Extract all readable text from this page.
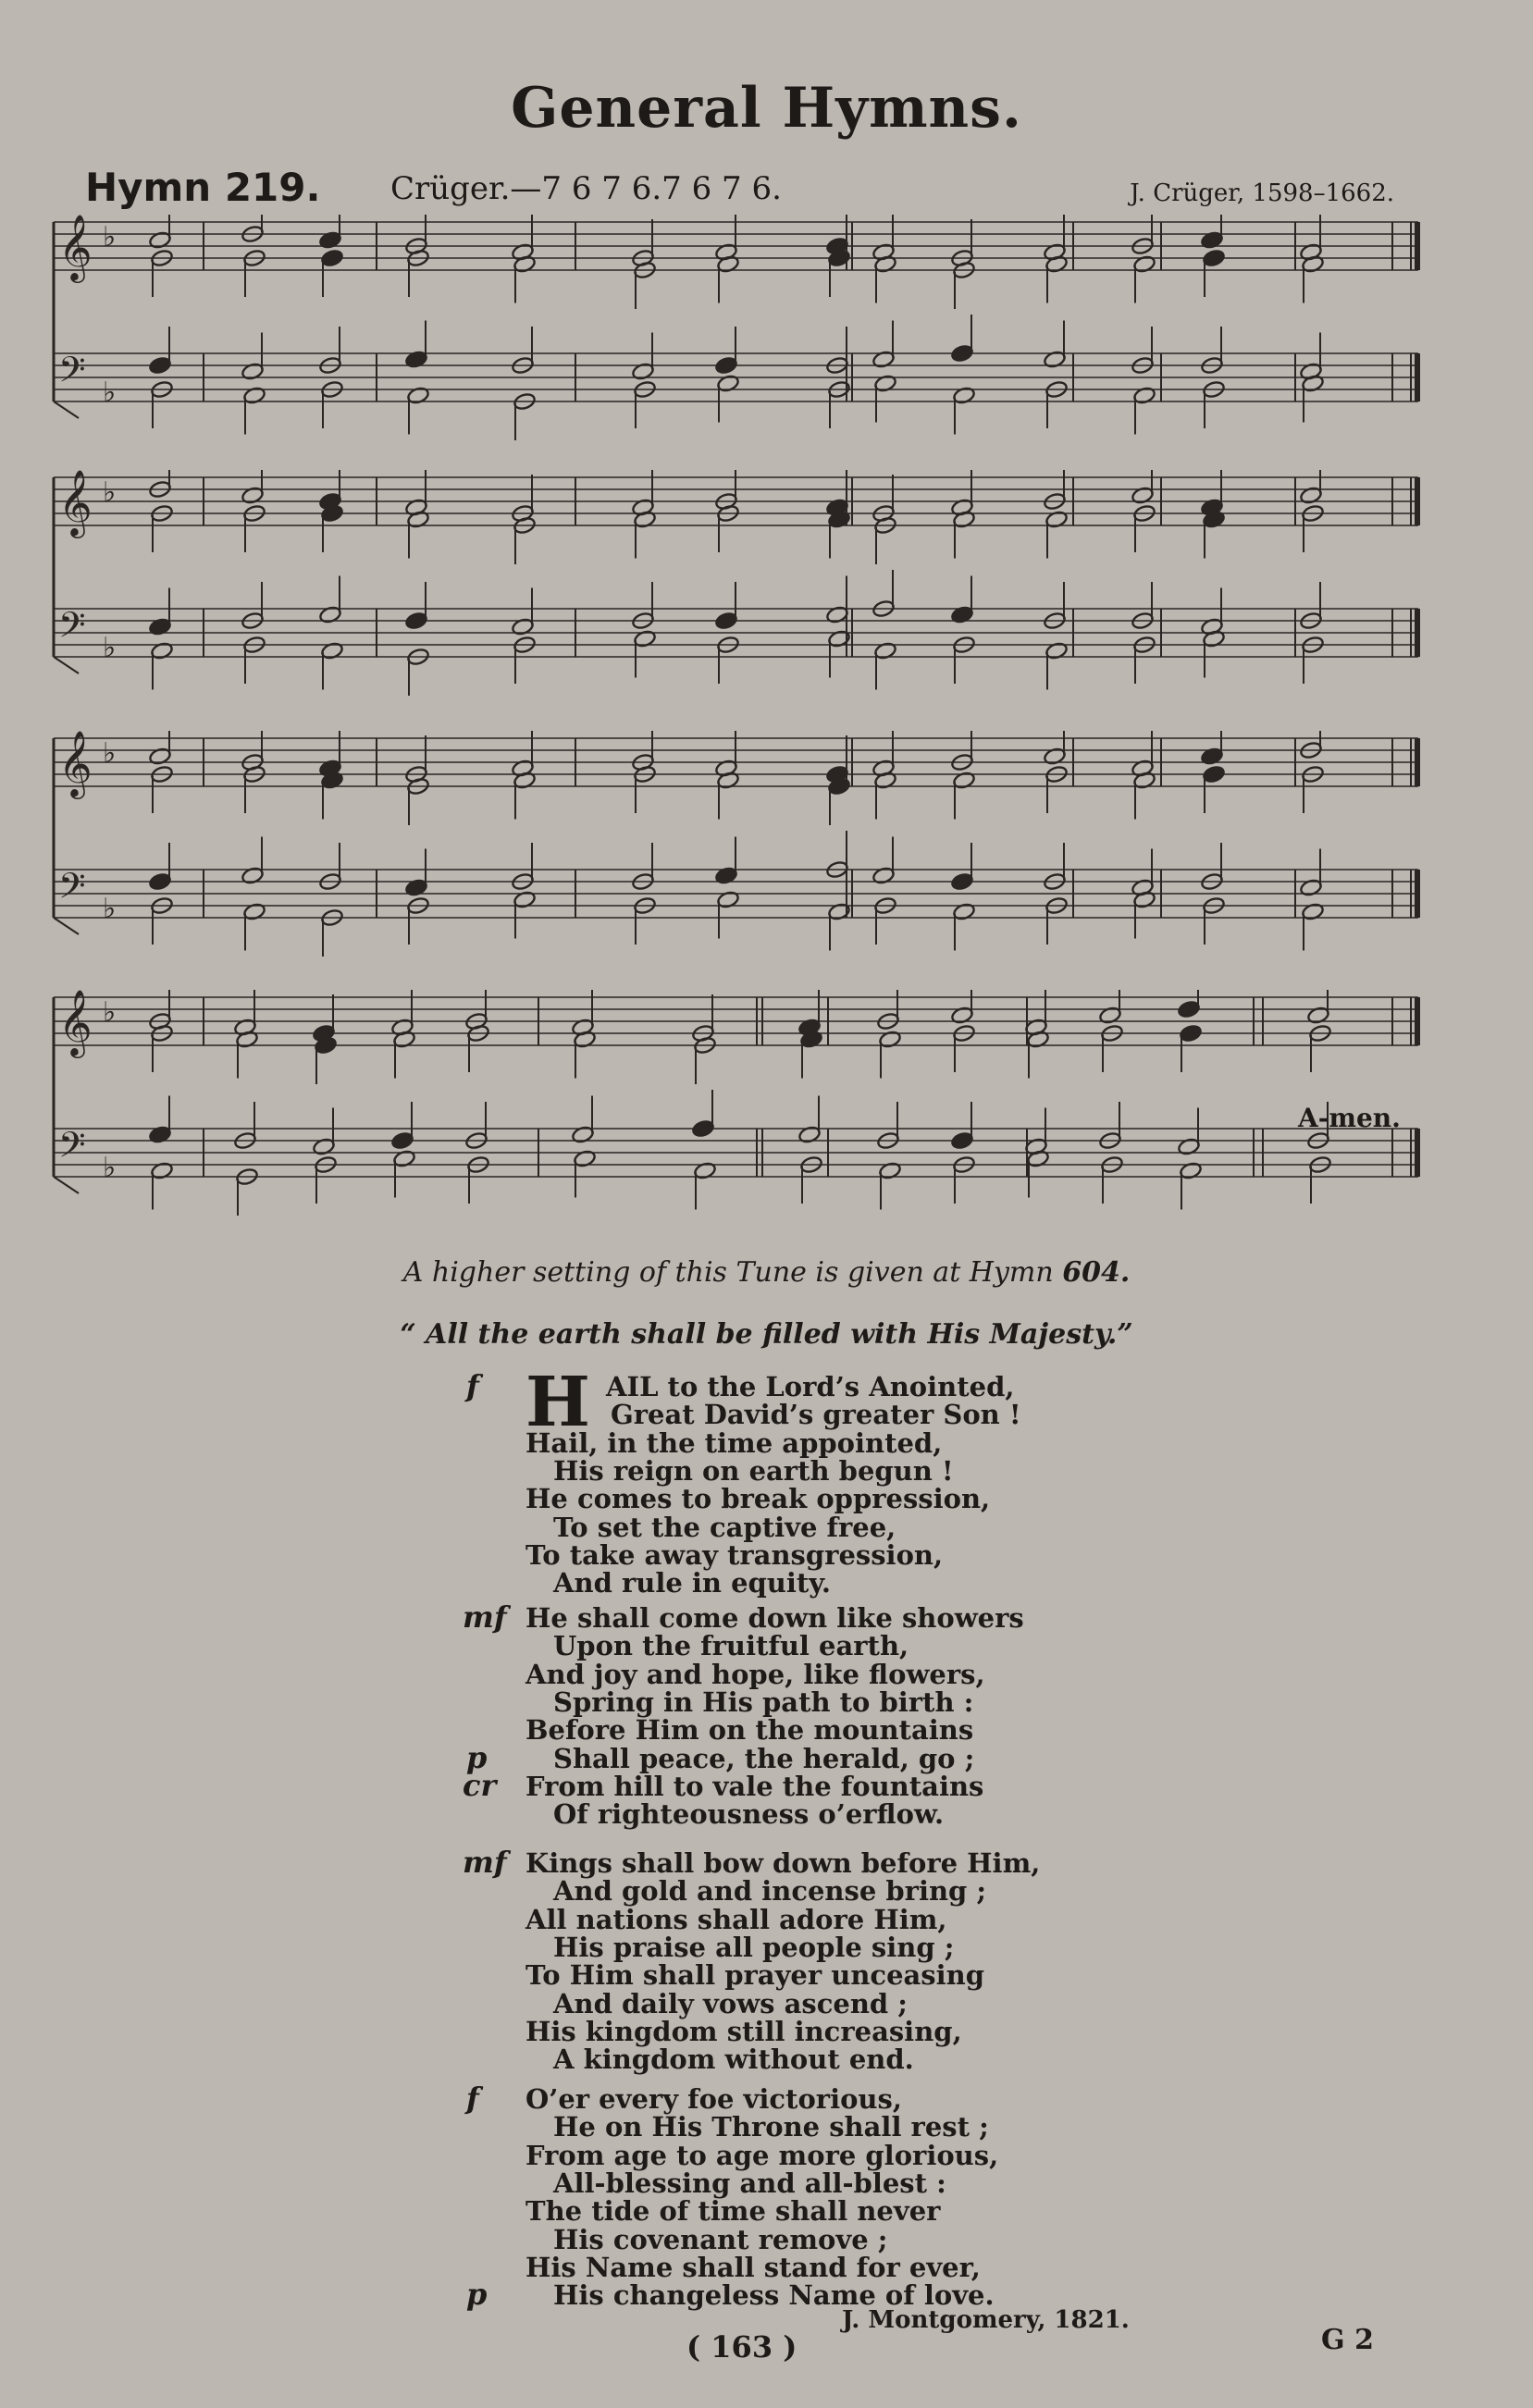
General Hymns.
Hymn 219. Crüger.—7 6 7 6.7 6 7 6.	J. Crüger, 1598–1662.
𝄞 ♭
𝄢 ♭
𝄞 ♭
𝄢 ♭
𝄞 ♭
𝄢 ♭
𝄞 ♭
𝄢 ♭
A-men.
A higher setting of this Tune is given at Hymn 604.
“ All the earth shall be filled with His Majesty.”
AIL to the Lord’s Anointed,
Great David’s greater Son !
Hail, in the time appointed,
His reign on earth begun !
He comes to break oppression,
To set the captive free,
To take away transgression,
And rule in equity.
H
f
He shall come down like showers
Upon the fruitful earth,
And joy and hope, like flowers,
Spring in His path to birth :
Before Him on the mountains
Shall peace, the herald, go ;
From hill to vale the fountains
Of righteousness o’erflow.
mf
p
cr
Kings shall bow down before Him,
And gold and incense bring ;
All nations shall adore Him,
His praise all people sing ;
To Him shall prayer unceasing
And daily vows ascend ;
His kingdom still increasing,
A kingdom without end.
mf
O’er every foe victorious,
He on His Throne shall rest ;
From age to age more glorious,
All-blessing and all-blest :
The tide of time shall never
His covenant remove ;
His Name shall stand for ever,
His changeless Name of love.
f
p
J. Montgomery, 1821.
( 163 )	G 2
